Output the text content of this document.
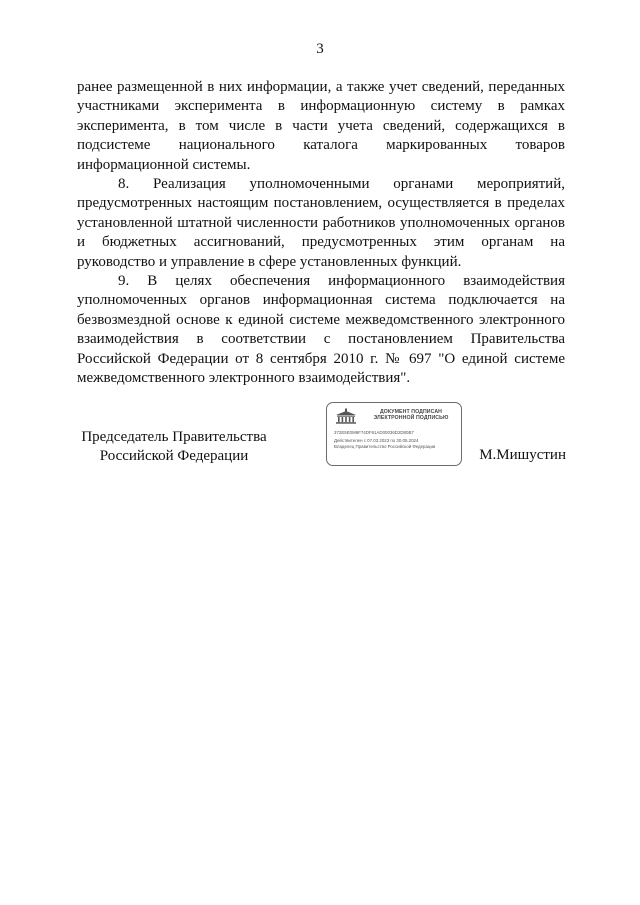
3

ранее размещенной в них информации, а также учет сведений, переданных участниками эксперимента в информационную систему в рамках эксперимента, в том числе в части учета сведений, содержащихся в подсистеме национального каталога маркированных товаров информационной системы.

8. Реализация уполномоченными органами мероприятий, предусмотренных настоящим постановлением, осуществляется в пределах установленной штатной численности работников уполномоченных органов и бюджетных ассигнований, предусмотренных этим органам на руководство и управление в сфере установленных функций.

9. В целях обеспечения информационного взаимодействия уполномоченных органов информационная система подключается на безвозмездной основе к единой системе межведомственного электронного взаимодействия в соответствии с постановлением Правительства Российской Федерации от 8 сентября 2010 г. № 697 "О единой системе межведомственного электронного взаимодействия".

Председатель Правительства
Российской Федерации
ДОКУМЕНТ ПОДПИСАН
ЭЛЕКТРОННОЙ ПОДПИСЬЮ
372E5E0M6F74DF61AD00036D2D80B7
Действителен с 07.03.2023 по 30.05.2024
Владелец Правительство Российской Федерации
М.Мишустин
